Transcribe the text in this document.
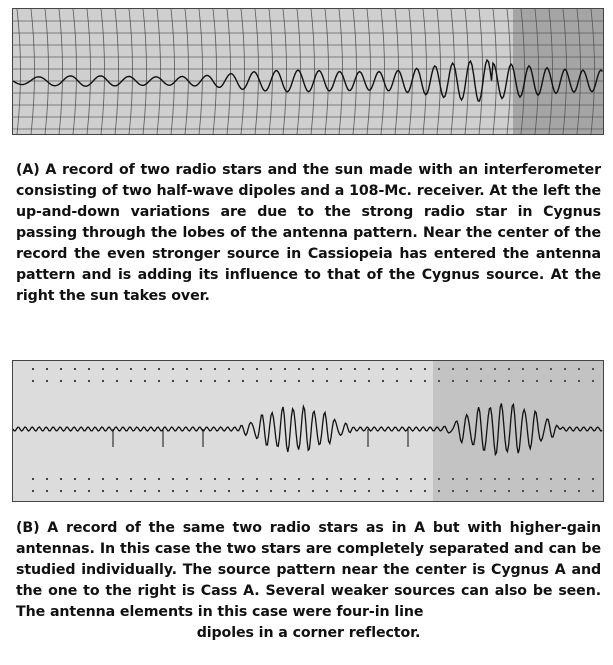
(A) A record of two radio stars and the sun made with an interferometer consisting of two half-wave dipoles and a 108-Mc. receiver. At the left the up-and-down variations are due to the strong radio star in Cygnus passing through the lobes of the antenna pattern. Near the center of the record the even stronger source in Cassiopeia has entered the antenna pattern and is adding its influence to that of the Cygnus source. At the right the sun takes over.

(B) A record of the same two radio stars as in A but with higher-gain antennas. In this case the two stars are completely separated and can be studied individually. The source pattern near the center is Cygnus A and the one to the right is Cass A. Several weaker sources can also be seen. The antenna elements in this case were four-in line
dipoles in a corner reflector.
